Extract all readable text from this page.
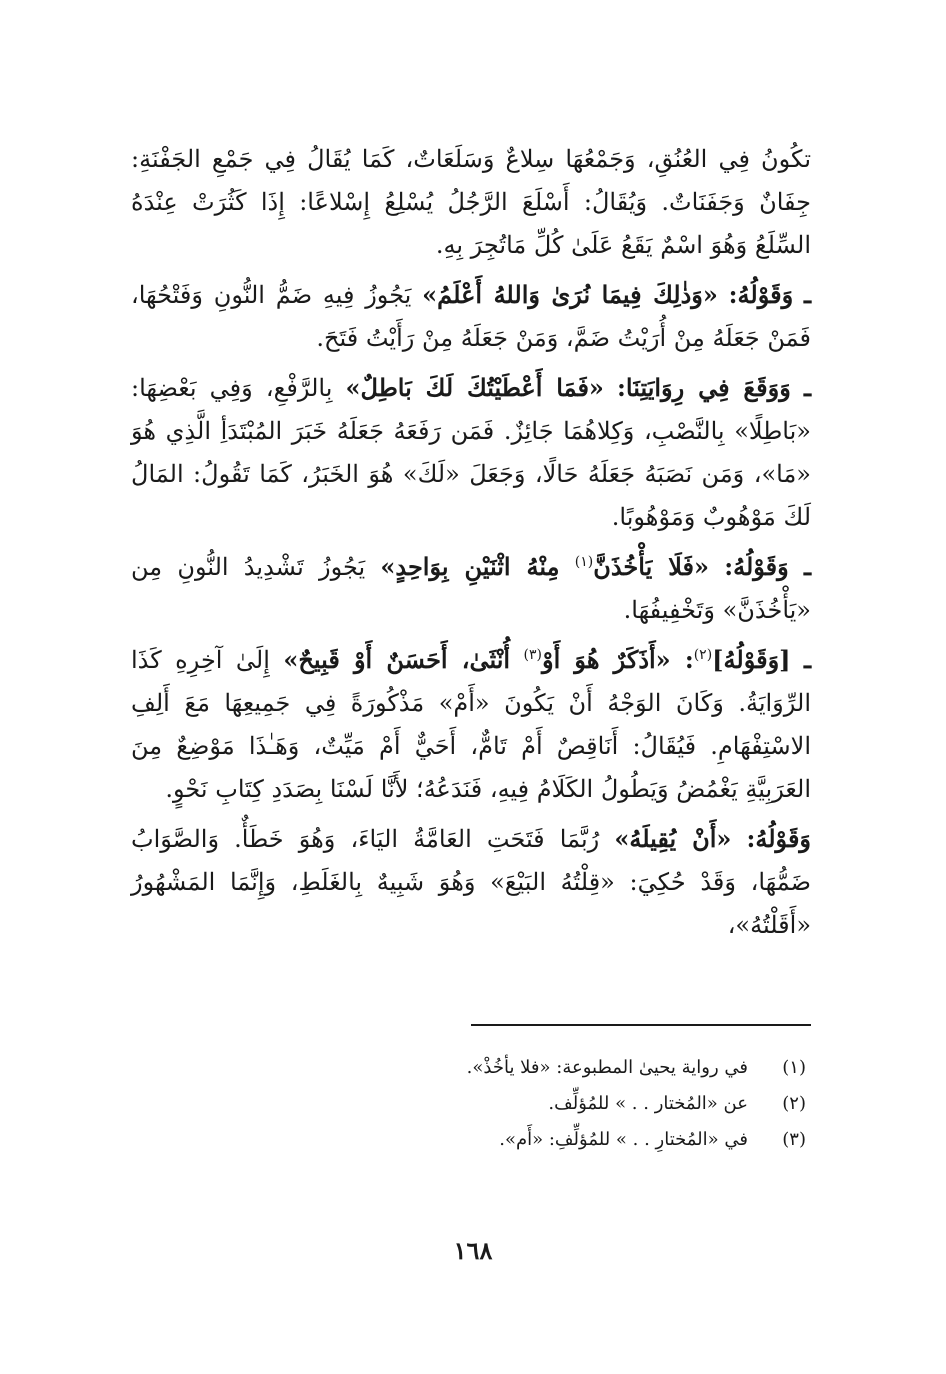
تكُونُ فِي العُنُقِ، وَجَمْعُهَا سِلاعٌ وَسَلَعَاتٌ، كَمَا يُقَالُ فِي جَمْعِ الجَفْنَةِ: جِفَانٌ وَجَفَنَاتٌ. وَيُقَالُ: أَسْلَعَ الرَّجُلُ يُسْلِعُ إِسْلاعًا: إِذَا كَثُرَتْ عِنْدَهُ السِّلَعُ وَهُوَ اسْمٌ يَقَعُ عَلَىٰ كُلِّ مَاتُجِرَ بِهِ.

ـ وَقَوْلُهُ: «وَذٰلِكَ فِيمَا نُرَىٰ وَاللهُ أَعْلَمُ» يَجُوزُ فِيهِ ضَمُّ النُّونِ وَفَتْحُهَا، فَمَنْ جَعَلَهُ مِنْ أُرَيْتُ ضَمَّ، وَمَنْ جَعَلَهُ مِنْ رَأَيْتُ فَتَحَ.

ـ وَوَقَعَ فِي رِوَايَتِنَا: «فَمَا أَعْطَيْتُكَ لَكَ بَاطِلٌ» بِالرَّفْعِ، وَفِي بَعْضِهَا: «بَاطِلًا» بِالنَّصْبِ، وَكِلاهُمَا جَائِزٌ. فَمَن رَفَعَهُ جَعَلَهُ خَبَرَ المُبْتَدَأِ الَّذِي هُوَ «مَا»، وَمَن نَصَبَهُ جَعَلَهُ حَالًا، وَجَعَلَ «لَكَ» هُوَ الخَبَرُ، كَمَا تَقُولُ: المَالُ لَكَ مَوْهُوبٌ وَمَوْهُوبًا.

ـ وَقَوْلُهُ: «فَلَا يَأْخُذَنَّ$^{(١)}$ مِنْهُ اثْنَيْنِ بِوَاحِدٍ» يَجُوزُ تَشْدِيدُ النُّونِ مِن «يَأْخُذَنَّ» وَتَخْفِيفُهَا.

ـ [وَقَوْلُهُ]$^{(٢)}$: «أَذَكَرٌ هُوَ أَوْ$^{(٣)}$ أُنْثَىٰ، أَحَسَنٌ أَوْ قَبِيحٌ» إِلَىٰ آخِرِهِ كَذَا الرِّوَايَةُ. وَكَانَ الوَجْهُ أَنْ يَكُونَ «أَمْ» مَذْكُورَةً فِي جَمِيعِهَا مَعَ أَلِفِ الاسْتِفْهَامِ. فَيُقَالُ: أَنَاقِصٌ أَمْ تَامٌّ، أَحَيٌّ أَمْ مَيِّتٌ، وَهَـٰذَا مَوْضِعٌ مِنَ العَرَبِيَّةِ يَغْمُضُ وَيَطُولُ الكَلَامُ فِيهِ، فَنَدَعُهُ؛ لأَنَّا لَسْنَا بِصَدَدِ كِتَابِ نَحْوٍ.

وَقَوْلُهُ: «أَنْ يُقِيلَهُ» رُبَّمَا فَتَحَتِ العَامَّةُ اليَاءَ، وَهُوَ خَطَأٌ. وَالصَّوَابُ ضَمُّهَا، وَقَدْ حُكِيَ: «قِلْتُهُ البَيْعَ» وَهُوَ شَبِيهٌ بِالغَلَطِ، وَإِنَّمَا المَشْهُورُ «أَقَلْتُهُ»،

(١)
في رواية يحيىٰ المطبوعة: «فلا يأخُذْ».
(٢)
عن «المُختار . . » للمُؤلِّف.
(٣)
في «المُختارِ . . » للمُؤلِّفِ: «أَم».
١٦٨
